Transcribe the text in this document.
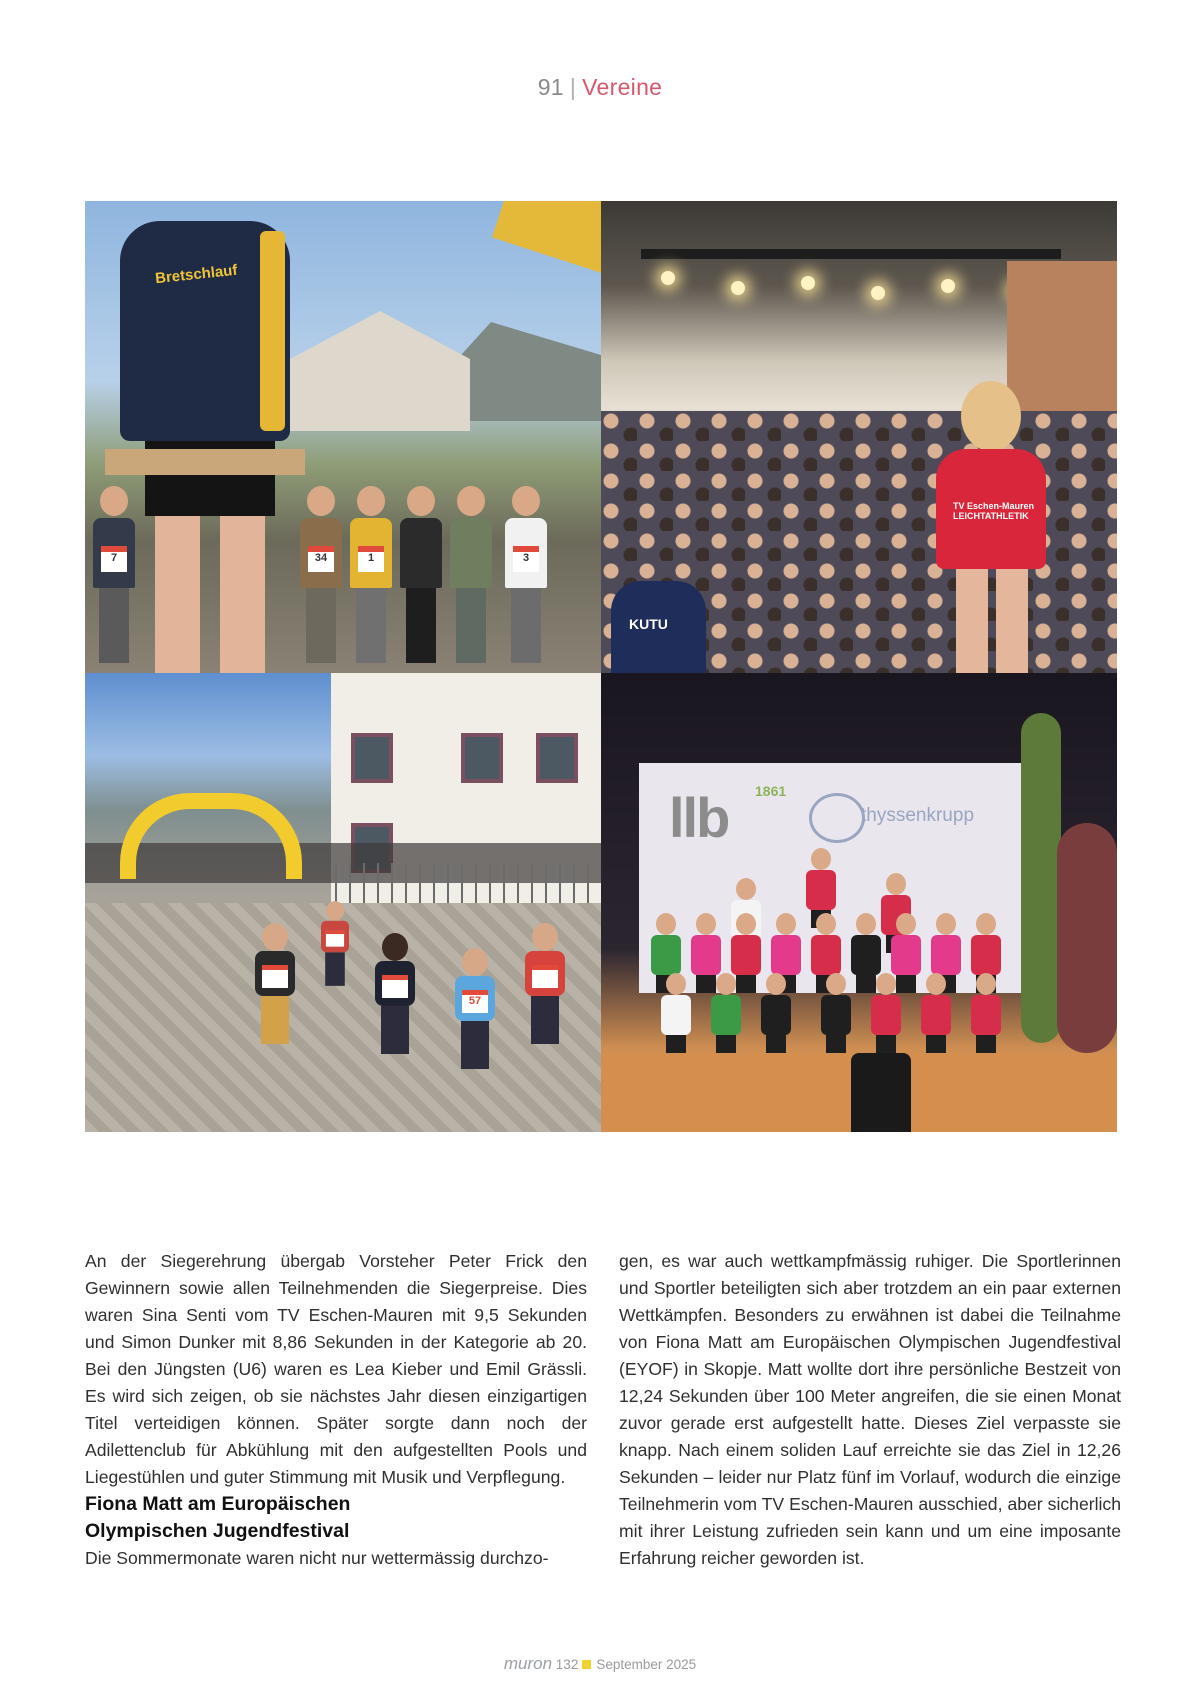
91 | Vereine
7	34	1	3
Bretschlauf
TV Eschen-Mauren LEICHTATHLETIK
KUTU
57
llb 1861
thyssenkrupp

An der Siegerehrung übergab Vorsteher Peter Frick den Gewinnern sowie allen Teilnehmenden die Siegerpreise. Dies waren Sina Senti vom TV Eschen-Mauren mit 9,5 Sekunden und Simon Dunker mit 8,86 Sekunden in der Kategorie ab 20. Bei den Jüngsten (U6) waren es Lea Kieber und Emil Grässli. Es wird sich zeigen, ob sie nächstes Jahr diesen einzigartigen Titel verteidigen können. Später sorgte dann noch der Adilettenclub für Abkühlung mit den aufgestellten Pools und Liegestühlen und guter Stimmung mit Musik und Verpflegung.

Fiona Matt am Europäischen
Olympischen Jugendfestival

Die Sommermonate waren nicht nur wettermässig durchzo-

gen, es war auch wettkampfmässig ruhiger. Die Sportlerinnen und Sportler beteiligten sich aber trotzdem an ein paar externen Wettkämpfen. Besonders zu erwähnen ist dabei die Teilnahme von Fiona Matt am Europäischen Olympischen Jugendfestival (EYOF) in Skopje. Matt wollte dort ihre persönliche Bestzeit von 12,24 Sekunden über 100 Meter angreifen, die sie einen Monat zuvor gerade erst aufgestellt hatte. Dieses Ziel verpasste sie knapp. Nach einem soliden Lauf erreichte sie das Ziel in 12,26 Sekunden – leider nur Platz fünf im Vorlauf, wodurch die einzige Teilnehmerin vom TV Eschen-Mauren ausschied, aber sicherlich mit ihrer Leistung zufrieden sein kann und um eine imposante Erfahrung reicher geworden ist.

muron 132 September 2025
